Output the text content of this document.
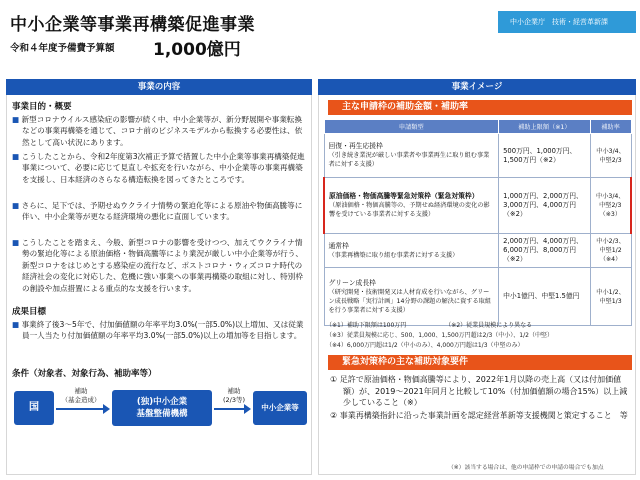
中小企業等事業再構築促進事業	中小企業庁　技術・経営革新課
令和４年度予備費予算額 1,000億円
事業の内容
事業目的・概要
■ 新型コロナウイルス感染症の影響が続く中、中小企業等が、新分野展開や事業転換などの事業再構築を通じて、コロナ前のビジネスモデルから転換する必要性は、依然として高い状況にあります。
■ こうしたことから、令和2年度第3次補正予算で措置した中小企業等事業再構築促進事業について、必要に応じて見直しや拡充を行いながら、中小企業等の事業再構築を支援し、日本経済のさらなる構造転換を図ってきたところです。
■ さらに、足下では、予期せぬウクライナ情勢の緊迫化等による原油や物価高騰等に伴い、中小企業等が更なる経済環境の悪化に直面しています。
■ こうしたことを踏まえ、今般、新型コロナの影響を受けつつ、加えてウクライナ情勢の緊迫化等による原油価格・物価高騰等により業況が厳しい中小企業等が行う、新型コロナをはじめとする感染症の流行など、ポストコロナ・ウィズコロナ時代の経済社会の変化に対応した、危機に強い事業への事業再構築の取組に対し、特別枠の創設や加点措置による重点的な支援を行います。
成果目標
■ 事業終了後3～5年で、付加価値額の年率平均3.0%(一部5.0%)以上増加、又は従業員一人当たり付加価値額の年率平均3.0%(一部5.0%)以上の増加等を目指します。
条件（対象者、対象行為、補助率等）
国
補助
（基金造成）	(独)中小企業
基盤整備機構
補助
(2/3等)
中小企業等
事業イメージ
主な申請枠の補助金額・補助率
申請類型	補助上限額（※1）	補助率

回復・再生応援枠
（引き続き業況が厳しい事業者や事業再生に取り組む事業者に対する支援）	500万円、1,000万円、1,500万円（※2）	中小3/4、中堅2/3

原油価格・物価高騰等緊急対策枠（緊急対策枠）
（原油価格・物価高騰等の、予期せぬ経済環境の変化の影響を受けている事業者に対する支援）	1,000万円、2,000万円、3,000万円、4,000万円（※2）	中小3/4、中堅2/3（※3）

通常枠
（事業再構築に取り組む事業者に対する支援）	2,000万円、4,000万円、6,000万円、8,000万円（※2）	中小2/3、中堅1/2（※4）

グリーン成長枠
（研究開発・技術開発又は人材育成を行いながら、グリーン成長戦略「実行計画」14分野の課題の解決に資する取組を行う事業者に対する支援）	中小1億円、中堅1.5億円	中小1/2、中堅1/3
（※1）補助下限額は100万円　　　　　　　（※2）従業員規模により異なる
（※3）従業員規模に応じ、500、1,000、1,500万円超は2/3（中小）、1/2（中堅）
（※4）6,000万円超は1/2（中小のみ）、4,000万円超は1/3（中堅のみ）
緊急対策枠の主な補助対象要件
① 足許で原油価格・物価高騰等により、2022年1月以降の売上高（又は付加価値額）が、2019～2021年同月と比較して10%（付加価値額の場合15%）以上減少していること（※）
② 事業再構築指針に沿った事業計画を認定経営革新等支援機関と策定すること　等
（※）該当する場合は、他の申請枠での申請の場合でも加点
